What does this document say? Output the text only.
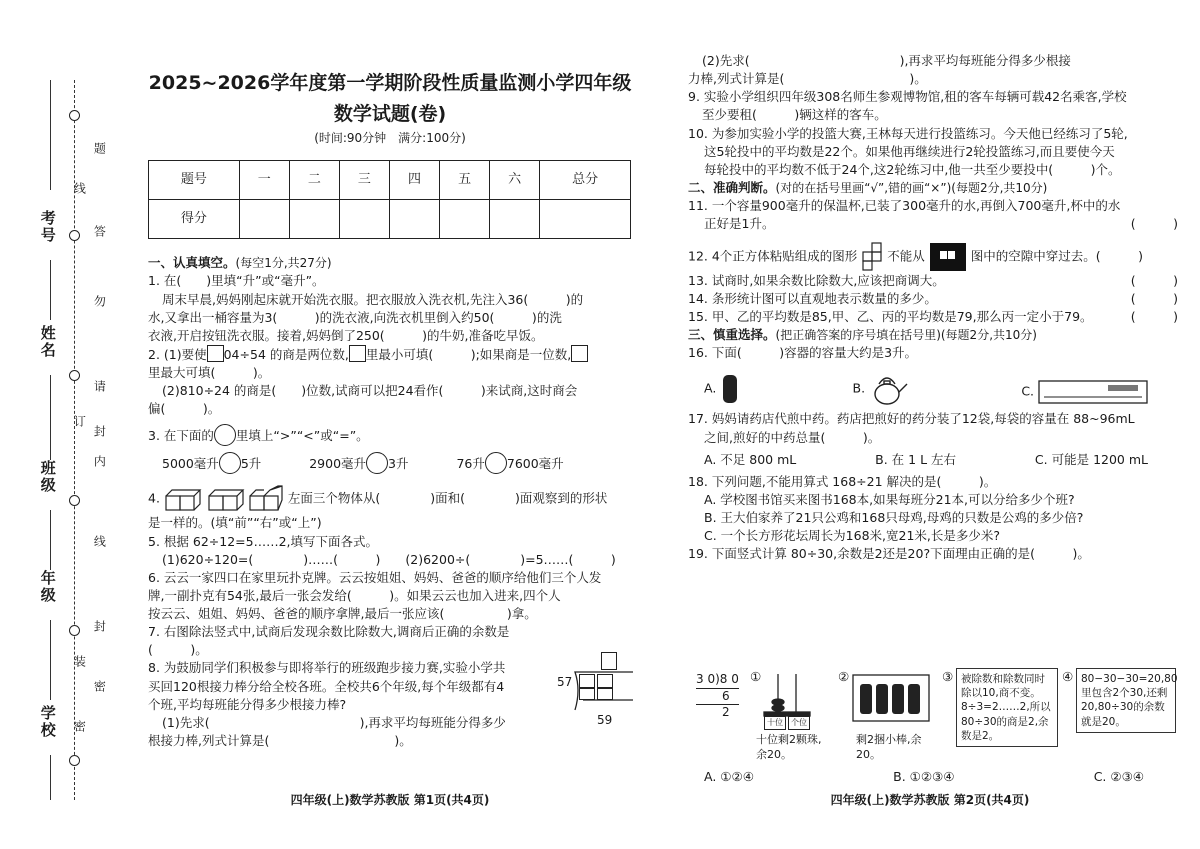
考号
姓名
班级
年级
学校
题
线
答
勿
请
内
封
线
封
密
订
装
密
2025~2026学年度第一学期阶段性质量监测小学四年级
数学试题(卷)
(时间:90分钟　满分:100分)
题号	一	二	三	四	五	六	总分
得分							
一、认真填空。(每空1分,共27分)
1. 在(　　)里填“升”或“毫升”。
周末早晨,妈妈刚起床就开始洗衣服。把衣服放入洗衣机,先注入36(　　　)的
水,又拿出一桶容量为3(　　　)的洗衣液,向洗衣机里倒入约50(　　　)的洗
衣液,开启按钮洗衣服。接着,妈妈倒了250(　　　)的牛奶,准备吃早饭。
2. (1)要使 04÷54 的商是两位数, 里最小可填(　　　);如果商是一位数,
里最大可填(　　　)。
(2)810÷24 的商是(　　)位数,试商可以把24看作(　　　)来试商,这时商会
偏(　　　)。
3. 在下面的 里填上“>”“<”或“=”。
5000毫升 5升	2900毫升 3升	76升 7600毫升
4.	左面三个物体从(　　　　)面和(　　　　)面观察到的形状
是一样的。(填“前”“右”或“上”)
5. 根据 62÷12=5……2,填写下面各式。
(1)620÷120=(　　　　)……(　　　)　　(2)6200÷(　　　　)=5……(　　　)
6. 云云一家四口在家里玩扑克牌。云云按姐姐、妈妈、爸爸的顺序给他们三个人发
牌,一副扑克有54张,最后一张会发给(　　　)。如果云云也加入进来,四个人
按云云、姐姐、妈妈、爸爸的顺序拿牌,最后一张应该(　　　　　)拿。
7. 右图除法竖式中,试商后发现余数比除数大,调商后正确的余数是(　　　)。
8. 为鼓励同学们积极参与即将举行的班级跑步接力赛,实验小学共
买回120根接力棒分给全校各班。全校共6个年级,每个年级都有4
个班,平均每班能分得多少根接力棒?
(1)先求(　　　　　　　　　　　　),再求平均每班能分得多少
根接力棒,列式计算是(　　　　　　　　　　)。
57
59
四年级(上)数学苏教版 第1页(共4页)
(2)先求(　　　　　　　　　　　　),再求平均每班能分得多少根接
力棒,列式计算是(　　　　　　　　　　)。
9. 实验小学组织四年级308名师生参观博物馆,租的客车每辆可载42名乘客,学校
至少要租(　　　)辆这样的客车。
10. 为参加实验小学的投篮大赛,王林每天进行投篮练习。今天他已经练习了5轮,
这5轮投中的平均数是22个。如果他再继续进行2轮投篮练习,而且要使今天
每轮投中的平均数不低于24个,这2轮练习中,他一共至少要投中(　　　)个。
二、准确判断。(对的在括号里画“√”,错的画“×”)(每题2分,共10分)
11. 一个容量900毫升的保温杯,已装了300毫升的水,再倒入700毫升,杯中的水
正好是1升。	(　　　)
12. 4个正方体粘贴组成的图形 不能从	图中的空隙中穿过去。(　　　)
13. 试商时,如果余数比除数大,应该把商调大。	(　　　)
14. 条形统计图可以直观地表示数量的多少。	(　　　)
15. 甲、乙的平均数是85,甲、乙、丙的平均数是79,那么丙一定小于79。	(　　　)
三、慎重选择。(把正确答案的序号填在括号里)(每题2分,共10分)
16. 下面(　　　)容器的容量大约是3升。
A.	B.	C.
17. 妈妈请药店代煎中药。药店把煎好的药分装了12袋,每袋的容量在 88~96mL
之间,煎好的中药总量(　　　)。
A. 不足 800 mL	B. 在 1 L 左右	C. 可能是 1200 mL
18. 下列问题,不能用算式 168÷21 解决的是(　　　)。
A. 学校图书馆买来图书168本,如果每班分21本,可以分给多少个班?
B. 王大伯家养了21只公鸡和168只母鸡,母鸡的只数是公鸡的多少倍?
C. 一个长方形花坛周长为168米,宽21米,长是多少米?
19. 下面竖式计算 80÷30,余数是2还是20?下面理由正确的是(　　　)。
3 0)8 0
6
2
①
十位	个位
十位剩2颗珠,余20。
②
剩2捆小棒,余20。
③ 被除数和除数同时除以10,商不变。8÷3=2……2,所以80÷30的商是2,余数是2。
④ 80−30−30=20,80里包含2个30,还剩20,80÷30的余数就是20。
A. ①②④	B. ①②③④	C. ②③④
四年级(上)数学苏教版 第2页(共4页)
